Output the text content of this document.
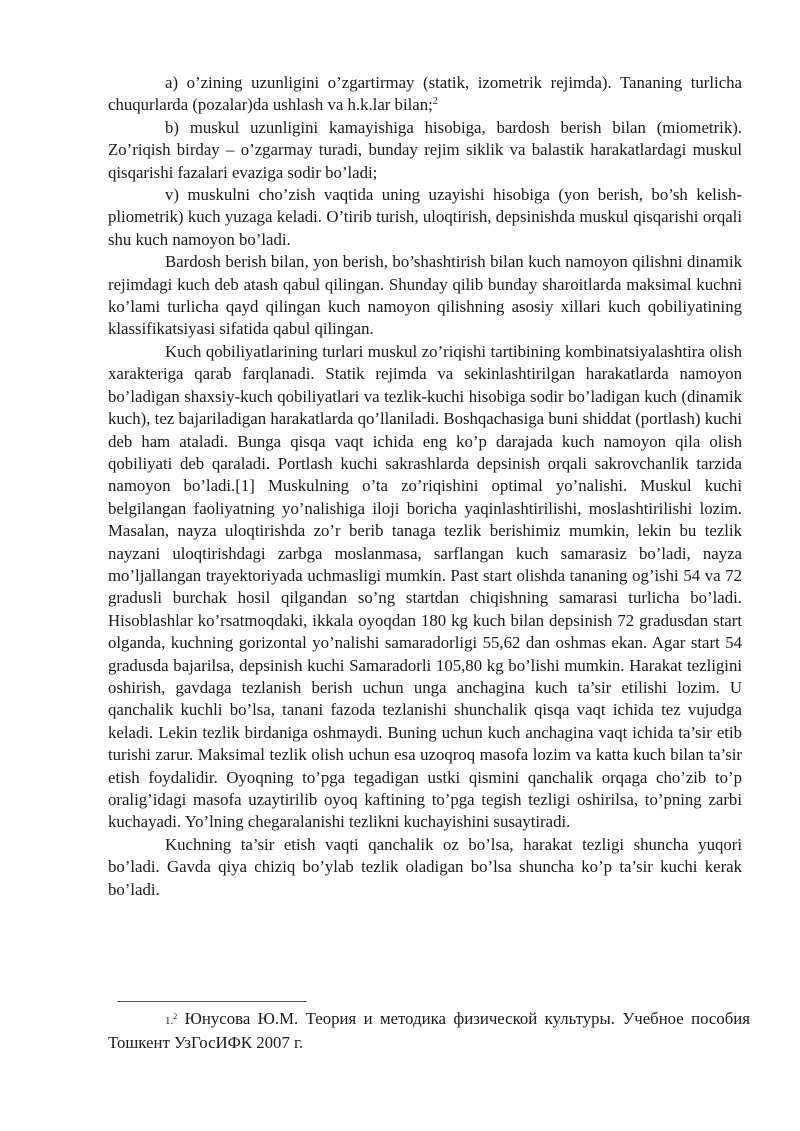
a) o’zining uzunligini o’zgartirmay (statik, izometrik rejimda). Tananing turlicha chuqurlarda (pozalar)da ushlash va h.k.lar bilan;$^2$

b) muskul uzunligini kamayishiga hisobiga, bardosh berish bilan (miometrik). Zo’riqish birday – o’zgarmay turadi, bunday rejim siklik va balastik harakatlardagi muskul qisqarishi fazalari evaziga sodir bo’ladi;

v) muskulni cho’zish vaqtida uning uzayishi hisobiga (yon berish, bo’sh kelish- pliometrik) kuch yuzaga keladi. O’tirib turish, uloqtirish, depsinishda muskul qisqarishi orqali shu kuch namoyon bo’ladi.

Bardosh berish bilan, yon berish, bo’shashtirish bilan kuch namoyon qilishni dinamik rejimdagi kuch deb atash qabul qilingan. Shunday qilib bunday sharoitlarda maksimal kuchni ko’lami turlicha qayd qilingan kuch namoyon qilishning asosiy xillari kuch qobiliyatining klassifikatsiyasi sifatida qabul qilingan.

Kuch qobiliyatlarining turlari muskul zo’riqishi tartibining kombinatsiyalashtira olish xarakteriga qarab farqlanadi. Statik rejimda va sekinlashtirilgan harakatlarda namoyon bo’ladigan shaxsiy-kuch qobiliyatlari va tezlik-kuchi hisobiga sodir bo’ladigan kuch (dinamik kuch), tez bajariladigan harakatlarda qo’llaniladi. Boshqachasiga buni shiddat (portlash) kuchi deb ham ataladi. Bunga qisqa vaqt ichida eng ko’p darajada kuch namoyon qila olish qobiliyati deb qaraladi. Portlash kuchi sakrashlarda depsinish orqali sakrovchanlik tarzida namoyon bo’ladi.[1] Muskulning o’ta zo’riqishini optimal yo’nalishi. Muskul kuchi belgilangan faoliyatning yo’nalishiga iloji boricha yaqinlashtirilishi, moslashtirilishi lozim. Masalan, nayza uloqtirishda zo’r berib tanaga tezlik berishimiz mumkin, lekin bu tezlik nayzani uloqtirishdagi zarbga moslanmasa, sarflangan kuch samarasiz bo’ladi, nayza mo’ljallangan trayektoriyada uchmasligi mumkin. Past start olishda tananing og’ishi 54 va 72 gradusli burchak hosil qilgandan so’ng startdan chiqishning samarasi turlicha bo’ladi. Hisoblashlar ko’rsatmoqdaki, ikkala oyoqdan 180 kg kuch bilan depsinish 72 gradusdan start olganda, kuchning gorizontal yo’nalishi samaradorligi 55,62 dan oshmas ekan. Agar start 54 gradusda bajarilsa, depsinish kuchi Samaradorli 105,80 kg bo’lishi mumkin. Harakat tezligini oshirish, gavdaga tezlanish berish uchun unga anchagina kuch ta’sir etilishi lozim. U qanchalik kuchli bo’lsa, tanani fazoda tezlanishi shunchalik qisqa vaqt ichida tez vujudga keladi. Lekin tezlik birdaniga oshmaydi. Buning uchun kuch anchagina vaqt ichida ta’sir etib turishi zarur. Maksimal tezlik olish uchun esa uzoqroq masofa lozim va katta kuch bilan ta’sir etish foydalidir. Oyoqning to’pga tegadigan ustki qismini qanchalik orqaga cho’zib to’p oralig’idagi masofa uzaytirilib oyoq kaftining to’pga tegish tezligi oshirilsa, to’pning zarbi kuchayadi. Yo’lning chegaralanishi tezlikni kuchayishini susaytiradi.

Kuchning ta’sir etish vaqti qanchalik oz bo’lsa, harakat tezligi shuncha yuqori bo’ladi. Gavda qiya chiziq bo’ylab tezlik oladigan bo’lsa shuncha ko’p ta’sir kuchi kerak bo’ladi.

1.$^2$ Юнусова Ю.М. Теория и методика физической культуры. Учебное пособия Тошкент УзГосИФК 2007 г.
